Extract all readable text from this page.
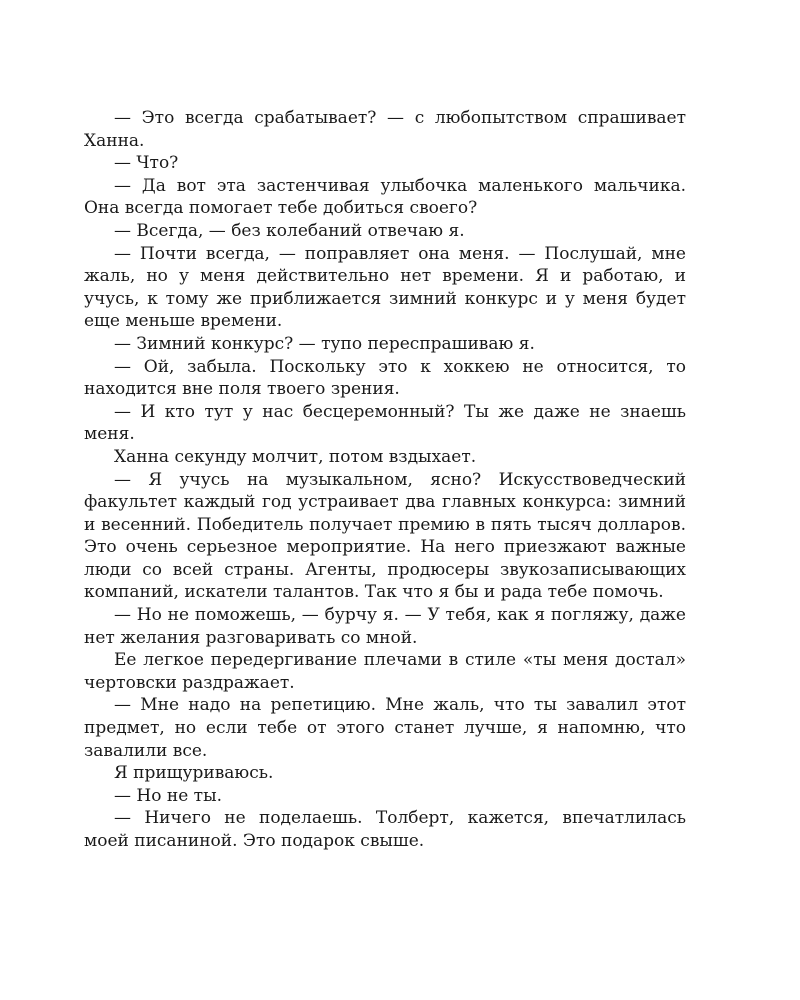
— Это всегда срабатывает? — с любопытством спрашивает Ханна.

— Что?

— Да вот эта застенчивая улыбочка маленького мальчика. Она всегда помогает тебе добиться своего?

— Всегда, — без колебаний отвечаю я.

— Почти всегда, — поправляет она меня. — Послушай, мне жаль, но у меня действительно нет времени. Я и работаю, и учусь, к тому же приближается зимний конкурс и у меня будет еще меньше времени.

— Зимний конкурс? — тупо переспрашиваю я.

— Ой, забыла. Поскольку это к хоккею не относится, то находится вне поля твоего зрения.

— И кто тут у нас бесцеремонный? Ты же даже не знаешь меня.

Ханна секунду молчит, потом вздыхает.

— Я учусь на музыкальном, ясно? Искусствоведческий факультет каждый год устраивает два главных конкурса: зимний и весенний. Победитель получает премию в пять тысяч долларов. Это очень серьезное мероприятие. На него приезжают важные люди со всей страны. Агенты, продюсеры звукозаписывающих компаний, искатели талантов. Так что я бы и рада тебе помочь.

— Но не поможешь, — бурчу я. — У тебя, как я погляжу, даже нет желания разговаривать со мной.

Ее легкое передергивание плечами в стиле «ты меня достал» чертовски раздражает.

— Мне надо на репетицию. Мне жаль, что ты завалил этот предмет, но если тебе от этого станет лучше, я напомню, что завалили все.

Я прищуриваюсь.

— Но не ты.

— Ничего не поделаешь. Толберт, кажется, впечатлилась моей писаниной. Это подарок свыше.
